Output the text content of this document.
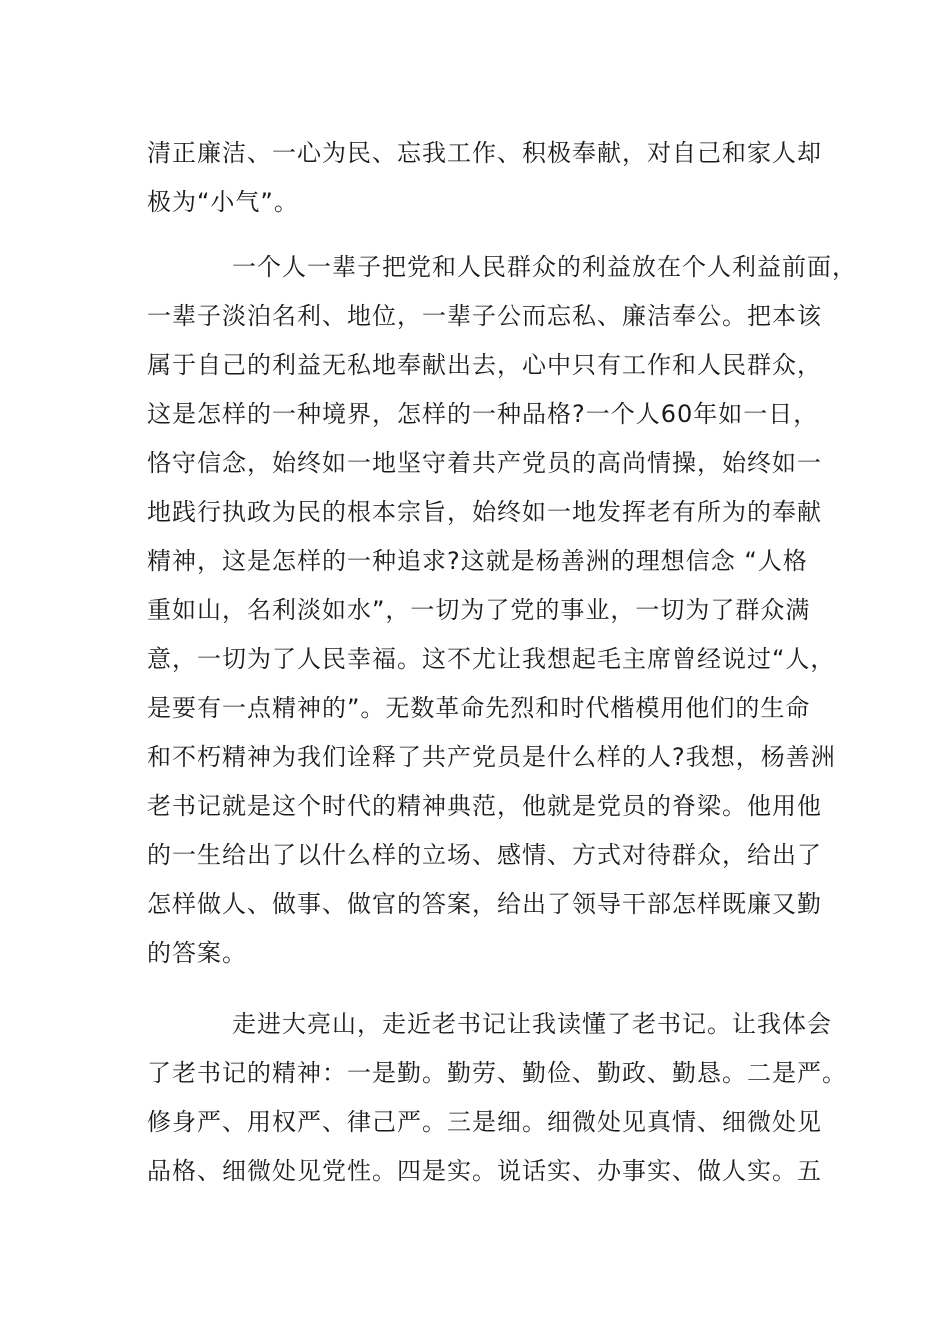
清正廉洁、一心为民、忘我工作、积极奉献，对自己和家人却
极为“小气”。
一个人一辈子把党和人民群众的利益放在个人利益前面，
一辈子淡泊名利、地位，一辈子公而忘私、廉洁奉公。把本该
属于自己的利益无私地奉献出去，心中只有工作和人民群众，
这是怎样的一种境界，怎样的一种品格?一个人60年如一日，
恪守信念，始终如一地坚守着共产党员的高尚情操，始终如一
地践行执政为民的根本宗旨，始终如一地发挥老有所为的奉献
精神，这是怎样的一种追求?这就是杨善洲的理想信念 “人格
重如山，名利淡如水”，一切为了党的事业，一切为了群众满
意，一切为了人民幸福。这不尤让我想起毛主席曾经说过“人，
是要有一点精神的”。无数革命先烈和时代楷模用他们的生命
和不朽精神为我们诠释了共产党员是什么样的人?我想，杨善洲
老书记就是这个时代的精神典范，他就是党员的脊梁。他用他
的一生给出了以什么样的立场、感情、方式对待群众，给出了
怎样做人、做事、做官的答案，给出了领导干部怎样既廉又勤
的答案。
走进大亮山，走近老书记让我读懂了老书记。让我体会
了老书记的精神：一是勤。勤劳、勤俭、勤政、勤恳。二是严。
修身严、用权严、律己严。三是细。细微处见真情、细微处见
品格、细微处见党性。四是实。说话实、办事实、做人实。五
